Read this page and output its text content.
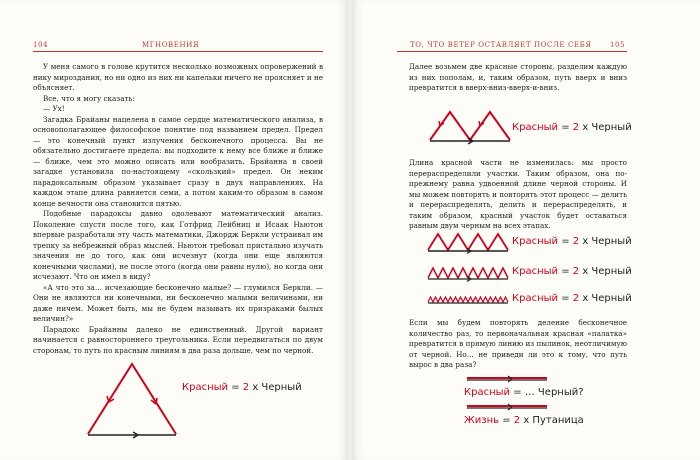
104	МГНОВЕНИЯ

У меня самого в голове крутится несколько возможных опровержений в нику мироздания, но ни одно из них ни капельки ничего не проясняет и не объясняет.

Все, что я могу сказать:

— Ух!

Загадка Брайаны нацелена в самое сердце математического анализа, в основополагающее философское понятие под названием предел. Предел — это конечный пункт излучения бесконечного процесса. Вы не обязательно достигаете предела: вы подходите к нему все ближе и ближе — ближе, чем это можно описать или вообразить. Брайанна в своей загадке установила по-настоящему «скользкий» предел. Он неким парадоксальным образом указывает сразу в двух направлениях. На каждом этапе длина равняется семи, а потом каким-то образом в самом конце вечности она становится пятью.

Подобные парадоксы давно одолевают математический анализ. Поколение спустя после того, как Готфрид Лейбниц и Исаак Ньютон впервые разработали эту часть математики, Джордж Беркли устраивал им трепку за небрежный образ мыслей. Ньютон требовал пристально изучать значения не до того, как они исчезнут (когда они еще являются конечными числами), не после этого (когда они равны нулю), но когда они исчезают. Что он имел в виду?

«А что это за… исчезающие бесконечно малые? — глумился Беркли. — Они не являются ни конечными, ни бесконечно малыми величинами, ни даже ничем. Может быть, мы не будем называть их призраками былых величин?»

Парадокс Брайанны далеко не единственный. Другой вариант начинается с равностороннего треугольника. Если передвигаться по двум сторонам, то путь по красным линиям в два раза дольше, чем по черной.

Красный = 2 х Черный
ТО, ЧТО ВЕТЕР ОСТАВЛЯЕТ ПОСЛЕ СЕБЯ	105
Далее возьмем две красные стороны, разделим каждую из них пополам, и, таким образом, путь вверх и вниз превратится в вверх-вниз-вверх-и-вниз.
Красный = 2 х Черный
Длина красной части не изменилась: мы просто перераспределили участки. Таким образом, она по-прежнему равна удвоенной длине черной стороны. И мы можем повторять и повторять этот процесс — делить и перераспределять, делить и перераспределять, и таким образом, красный участок будет оставаться равным двум черным на всех этапах.
Красный = 2 х Черный
Красный = 2 х Черный
Красный = 2 х Черный
Если мы будем повторять деление бесконечное количество раз, то первоначальная красная «палатка» превратится в прямую линию из пылинок, неотличимую от черной. Но… не приведи ли это к тому, что путь вырос в два раза?
Красный = … Черный?
Жизнь = 2 х Путаница
